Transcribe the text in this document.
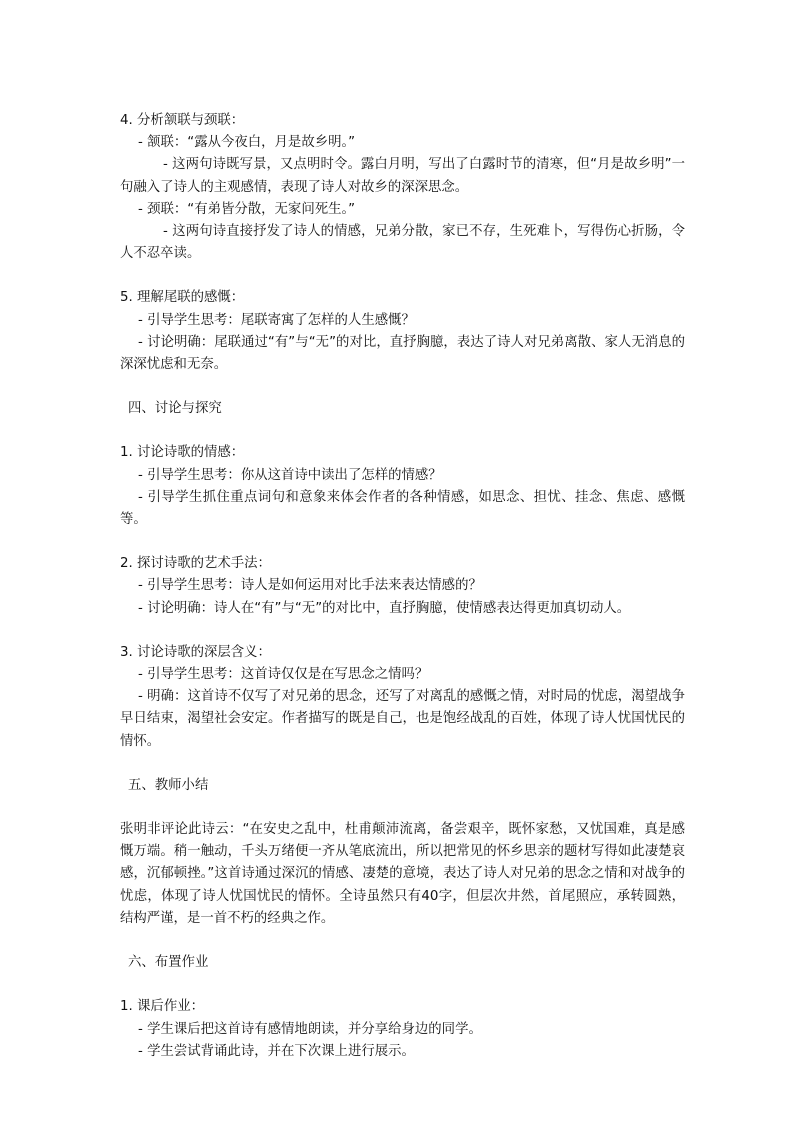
4. 分析颔联与颈联：
- 颔联：“露从今夜白，月是故乡明。”
- 这两句诗既写景，又点明时令。露白月明，写出了白露时节的清寒，但“月是故乡明”一句融入了诗人的主观感情，表现了诗人对故乡的深深思念。
- 颈联：“有弟皆分散，无家问死生。”
- 这两句诗直接抒发了诗人的情感，兄弟分散，家已不存，生死难卜，写得伤心折肠，令人不忍卒读。
5. 理解尾联的感慨：
- 引导学生思考：尾联寄寓了怎样的人生感慨？
- 讨论明确：尾联通过“有”与“无”的对比，直抒胸臆，表达了诗人对兄弟离散、家人无消息的深深忧虑和无奈。
四、讨论与探究
1. 讨论诗歌的情感：
- 引导学生思考：你从这首诗中读出了怎样的情感？
- 引导学生抓住重点词句和意象来体会作者的各种情感，如思念、担忧、挂念、焦虑、感慨等。
2. 探讨诗歌的艺术手法：
- 引导学生思考：诗人是如何运用对比手法来表达情感的？
- 讨论明确：诗人在“有”与“无”的对比中，直抒胸臆，使情感表达得更加真切动人。
3. 讨论诗歌的深层含义：
- 引导学生思考：这首诗仅仅是在写思念之情吗？
- 明确：这首诗不仅写了对兄弟的思念，还写了对离乱的感慨之情，对时局的忧虑，渴望战争早日结束，渴望社会安定。作者描写的既是自己，也是饱经战乱的百姓，体现了诗人忧国忧民的情怀。
五、教师小结
张明非评论此诗云：“在安史之乱中，杜甫颠沛流离，备尝艰辛，既怀家愁，又忧国难，真是感慨万端。稍一触动，千头万绪便一齐从笔底流出，所以把常见的怀乡思亲的题材写得如此凄楚哀感，沉郁顿挫。”这首诗通过深沉的情感、凄楚的意境，表达了诗人对兄弟的思念之情和对战争的忧虑，体现了诗人忧国忧民的情怀。全诗虽然只有40字，但层次井然，首尾照应，承转圆熟，结构严谨，是一首不朽的经典之作。
六、布置作业
1. 课后作业：
- 学生课后把这首诗有感情地朗读，并分享给身边的同学。
- 学生尝试背诵此诗，并在下次课上进行展示。
